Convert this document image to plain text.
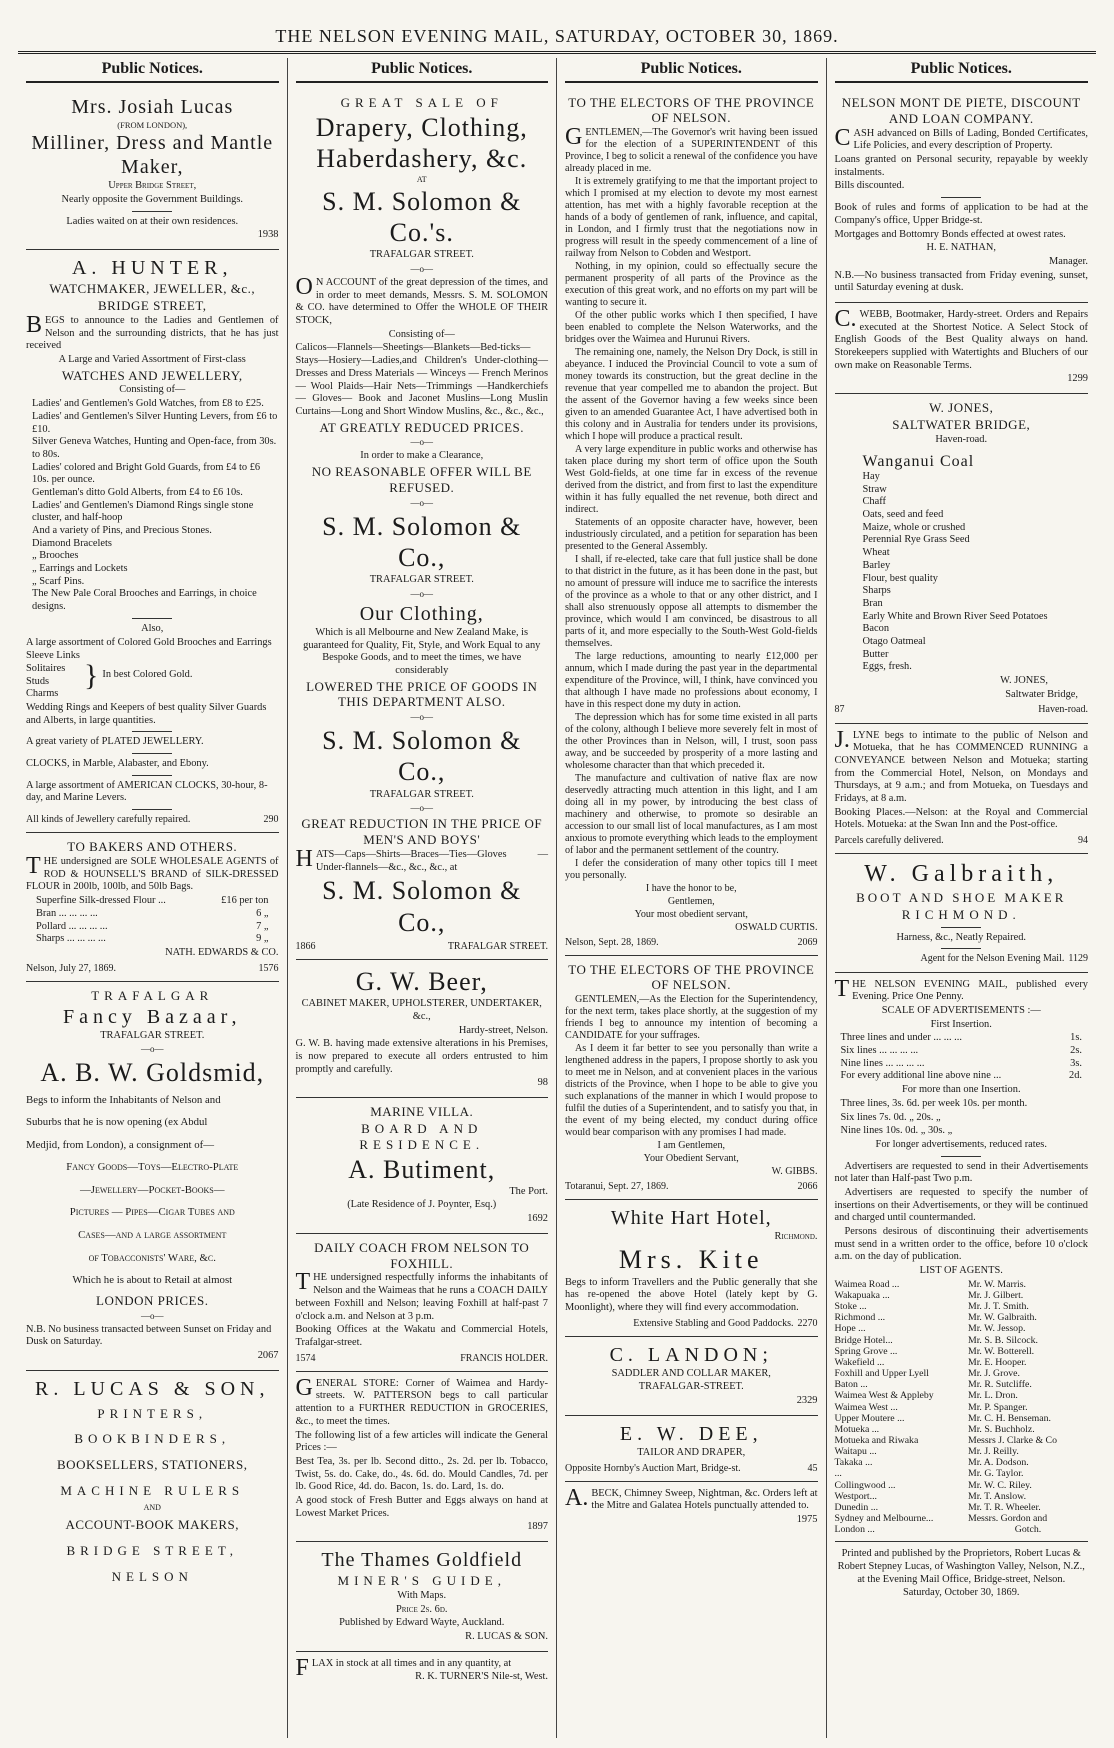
THE NELSON EVENING MAIL, SATURDAY, OCTOBER 30, 1869.
Public Notices.

Mrs. Josiah Lucas

(FROM LONDON),

Milliner, Dress and Mantle Maker,

Upper Bridge Street,

Nearly opposite the Government Buildings.

Ladies waited on at their own residences.

1938

A. HUNTER,

WATCHMAKER, JEWELLER, &c.,

BRIDGE STREET,

BEGS to announce to the Ladies and Gentlemen of Nelson and the surrounding districts, that he has just received

A Large and Varied Assortment of First-class

WATCHES AND JEWELLERY,

Consisting of—

Ladies' and Gentlemen's Gold Watches, from £8 to £25.
Ladies' and Gentlemen's Silver Hunting Levers, from £6 to £10.
Silver Geneva Watches, Hunting and Open-face, from 30s. to 80s.
Ladies' colored and Bright Gold Guards, from £4 to £6 10s. per ounce.
Gentleman's ditto Gold Alberts, from £4 to £6 10s.
Ladies' and Gentlemen's Diamond Rings single stone cluster, and half-hoop
And a variety of Pins, and Precious Stones.
Diamond Bracelets
„ Brooches
„ Earrings and Lockets
„ Scarf Pins.
The New Pale Coral Brooches and Earrings, in choice designs.

Also,

A large assortment of Colored Gold Brooches and Earrings

Sleeve Links
Solitaires
Studs
Charms
} In best Colored Gold.

Wedding Rings and Keepers of best quality Silver Guards and Alberts, in large quantities.

A great variety of PLATED JEWELLERY.

CLOCKS, in Marble, Alabaster, and Ebony.

A large assortment of AMERICAN CLOCKS, 30-hour, 8-day, and Marine Levers.

All kinds of Jewellery carefully repaired.	290

TO BAKERS AND OTHERS.

THE undersigned are SOLE WHOLESALE AGENTS of ROD & HOUNSELL'S BRAND of SILK-DRESSED FLOUR in 200lb, 100lb, and 50lb Bags.

Superfine Silk-dressed Flour ...	£16 per ton
Bran ... ... ... ...	6 „
Pollard ... ... ... ...	7 „
Sharps ... ... ... ...	9 „

NATH. EDWARDS & CO.

Nelson, July 27, 1869.	1576

TRAFALGAR

Fancy Bazaar,

TRAFALGAR STREET.

—o—

A. B. W. Goldsmid,

Begs to inform the Inhabitants of Nelson and

Suburbs that he is now opening (ex Abdul

Medjid, from London), a consignment of—

Fancy Goods—Toys—Electro-Plate

—Jewellery—Pocket-Books—

Pictures — Pipes—Cigar Tubes and

Cases—and a large assortment

of Tobacconists' Ware, &c.

Which he is about to Retail at almost

LONDON PRICES.

—o—

N.B. No business transacted between Sunset on Friday and Dusk on Saturday.

2067

R. LUCAS & SON,

PRINTERS,

BOOKBINDERS,

BOOKSELLERS, STATIONERS,

MACHINE RULERS

AND

ACCOUNT-BOOK MAKERS,

BRIDGE STREET,

NELSON

Public Notices.

GREAT SALE OF

Drapery, Clothing, Haberdashery, &c.

AT

S. M. Solomon & Co.'s.

TRAFALGAR STREET.

—o—

ON ACCOUNT of the great depression of the times, and in order to meet demands, Messrs. S. M. SOLOMON & CO. have determined to Offer the WHOLE OF THEIR STOCK,

Consisting of—

Calicos—Flannels—Sheetings—Blankets—Bed-ticks—Stays—Hosiery—Ladies,and Children's Under-clothing—Dresses and Dress Materials — Winceys — French Merinos — Wool Plaids—Hair Nets—Trimmings —Handkerchiefs — Gloves— Book and Jaconet Muslins—Long Muslin Curtains—Long and Short Window Muslins, &c., &c., &c.,

AT GREATLY REDUCED PRICES.

—o—

In order to make a Clearance,

NO REASONABLE OFFER WILL BE REFUSED.

—o—

S. M. Solomon & Co.,

TRAFALGAR STREET.

—o—

Our Clothing,

Which is all Melbourne and New Zealand Make, is guaranteed for Quality, Fit, Style, and Work Equal to any Bespoke Goods, and to meet the times, we have considerably

LOWERED THE PRICE OF GOODS IN THIS DEPARTMENT ALSO.

—o—

S. M. Solomon & Co.,

TRAFALGAR STREET.

—o—

GREAT REDUCTION IN THE PRICE OF MEN'S AND BOYS'

HATS—Caps—Shirts—Braces—Ties—Gloves —Under-flannels—&c., &c., &c., at

S. M. Solomon & Co.,

1866	TRAFALGAR STREET.

G. W. Beer,

CABINET MAKER, UPHOLSTERER, UNDERTAKER, &c.,

Hardy-street, Nelson.

G. W. B. having made extensive alterations in his Premises, is now prepared to execute all orders entrusted to him promptly and carefully.

98

MARINE VILLA.

BOARD AND RESIDENCE.

A. Butiment,

The Port.

(Late Residence of J. Poynter, Esq.)

1692

DAILY COACH FROM NELSON TO FOXHILL.

THE undersigned respectfully informs the inhabitants of Nelson and the Waimeas that he runs a COACH DAILY between Foxhill and Nelson; leaving Foxhill at half-past 7 o'clock a.m. and Nelson at 3 p.m.

Booking Offices at the Wakatu and Commercial Hotels, Trafalgar-street.

1574	FRANCIS HOLDER.

GENERAL STORE: Corner of Waimea and Hardy-streets. W. PATTERSON begs to call particular attention to a FURTHER REDUCTION in GROCERIES, &c., to meet the times.

The following list of a few articles will indicate the General Prices :—

Best Tea, 3s. per lb. Second ditto., 2s. 2d. per lb. Tobacco, Twist, 5s. do. Cake, do., 4s. 6d. do. Mould Candles, 7d. per lb. Good Rice, 4d. do. Bacon, 1s. do. Lard, 1s. do.

A good stock of Fresh Butter and Eggs always on hand at Lowest Market Prices.

1897

The Thames Goldfield

MINER'S GUIDE,

With Maps.

Price 2s. 6d.

Published by Edward Wayte, Auckland.

R. LUCAS & SON.

FLAX in stock at all times and in any quantity, at

R. K. TURNER'S Nile-st, West.

Public Notices.

TO THE ELECTORS OF THE PROVINCE OF NELSON.

GENTLEMEN,—The Governor's writ having been issued for the election of a SUPERINTENDENT of this Province, I beg to solicit a renewal of the confidence you have already placed in me.

It is extremely gratifying to me that the important project to which I promised at my election to devote my most earnest attention, has met with a highly favorable reception at the hands of a body of gentlemen of rank, influence, and capital, in London, and I firmly trust that the negotiations now in progress will result in the speedy commencement of a line of railway from Nelson to Cobden and Westport.

Nothing, in my opinion, could so effectually secure the permanent prosperity of all parts of the Province as the execution of this great work, and no efforts on my part will be wanting to secure it.

Of the other public works which I then specified, I have been enabled to complete the Nelson Waterworks, and the bridges over the Waimea and Hurunui Rivers.

The remaining one, namely, the Nelson Dry Dock, is still in abeyance. I induced the Provincial Council to vote a sum of money towards its construction, but the great decline in the revenue that year compelled me to abandon the project. But the assent of the Governor having a few weeks since been given to an amended Guarantee Act, I have advertised both in this colony and in Australia for tenders under its provisions, which I hope will produce a practical result.

A very large expenditure in public works and otherwise has taken place during my short term of office upon the South West Gold-fields, at one time far in excess of the revenue derived from the district, and from first to last the expenditure within it has fully equalled the net revenue, both direct and indirect.

Statements of an opposite character have, however, been industriously circulated, and a petition for separation has been presented to the General Assembly.

I shall, if re-elected, take care that full justice shall be done to that district in the future, as it has been done in the past, but no amount of pressure will induce me to sacrifice the interests of the province as a whole to that or any other district, and I shall also strenuously oppose all attempts to dismember the province, which would I am convinced, be disastrous to all parts of it, and more especially to the South-West Gold-fields themselves.

The large reductions, amounting to nearly £12,000 per annum, which I made during the past year in the departmental expenditure of the Province, will, I think, have convinced you that although I have made no professions about economy, I have in this respect done my duty in action.

The depression which has for some time existed in all parts of the colony, although I believe more severely felt in most of the other Provinces than in Nelson, will, I trust, soon pass away, and be succeeded by prosperity of a more lasting and wholesome character than that which preceded it.

The manufacture and cultivation of native flax are now deservedly attracting much attention in this light, and I am doing all in my power, by introducing the best class of machinery and otherwise, to promote so desirable an accession to our small list of local manufactures, as I am most anxious to promote everything which leads to the employment of labor and the permanent settlement of the country.

I defer the consideration of many other topics till I meet you personally.

I have the honor to be,

Gentlemen,

Your most obedient servant,

OSWALD CURTIS.

Nelson, Sept. 28, 1869.	2069

TO THE ELECTORS OF THE PROVINCE OF NELSON.

GENTLEMEN,—As the Election for the Superintendency, for the next term, takes place shortly, at the suggestion of my friends I beg to announce my intention of becoming a CANDIDATE for your suffrages.

As I deem it far better to see you personally than write a lengthened address in the papers, I propose shortly to ask you to meet me in Nelson, and at convenient places in the various districts of the Province, when I hope to be able to give you such explanations of the manner in which I would propose to fulfil the duties of a Superintendent, and to satisfy you that, in the event of my being elected, my conduct during office would bear comparison with any promises I had made.

I am Gentlemen,

Your Obedient Servant,

W. GIBBS.

Totaranui, Sept. 27, 1869.	2066

White Hart Hotel,

Richmond.

Mrs. Kite

Begs to inform Travellers and the Public generally that she has re-opened the above Hotel (lately kept by G. Moonlight), where they will find every accommodation.

Extensive Stabling and Good Paddocks. 2270

C. LANDON;

SADDLER AND COLLAR MAKER,

TRAFALGAR-STREET.

2329

E. W. DEE,

TAILOR AND DRAPER,

Opposite Hornby's Auction Mart, Bridge-st.	45

A.BECK, Chimney Sweep, Nightman, &c. Orders left at the Mitre and Galatea Hotels punctually attended to.

1975

Public Notices.

NELSON MONT DE PIETE, DISCOUNT AND LOAN COMPANY.

CASH advanced on Bills of Lading, Bonded Certificates, Life Policies, and every description of Property.

Loans granted on Personal security, repayable by weekly instalments.

Bills discounted.

Book of rules and forms of application to be had at the Company's office, Upper Bridge-st.

Mortgages and Bottomry Bonds effected at owest rates.

H. E. NATHAN,

Manager.

N.B.—No business transacted from Friday evening, sunset, until Saturday evening at dusk.

C.WEBB, Bootmaker, Hardy-street. Orders and Repairs executed at the Shortest Notice. A Select Stock of English Goods of the Best Quality always on hand. Storekeepers supplied with Watertights and Bluchers of our own make on Reasonable Terms.

1299

W. JONES,

SALTWATER BRIDGE,

Haven-road.

Wanganui Coal
Hay
Straw
Chaff
Oats, seed and feed
Maize, whole or crushed
Perennial Rye Grass Seed
Wheat
Barley
Flour, best quality
Sharps
Bran
Early White and Brown River Seed Potatoes
Bacon
Otago Oatmeal
Butter
Eggs, fresh.

W. JONES,

Saltwater Bridge,

87	Haven-road.

J.LYNE begs to intimate to the public of Nelson and Motueka, that he has COMMENCED RUNNING a CONVEYANCE between Nelson and Motueka; starting from the Commercial Hotel, Nelson, on Mondays and Thursdays, at 9 a.m.; and from Motueka, on Tuesdays and Fridays, at 8 a.m.

Booking Places.—Nelson: at the Royal and Commercial Hotels. Motueka: at the Swan Inn and the Post-office.

Parcels carefully delivered.	94

W. Galbraith,

BOOT AND SHOE MAKER

RICHMOND.

Harness, &c., Neatly Repaired.

Agent for the Nelson Evening Mail. 1129

THE NELSON EVENING MAIL, published every Evening. Price One Penny.

SCALE OF ADVERTISEMENTS :—

First Insertion.

Three lines and under ... ... ...	1s.
Six lines ... ... ... ...	2s.
Nine lines ... ... ... ...	3s.
For every additional line above nine ...	2d.

For more than one Insertion.

Three lines, 3s. 6d. per week 10s. per month.

Six lines 7s. 0d. „ 20s. „

Nine lines 10s. 0d. „ 30s. „

For longer advertisements, reduced rates.

Advertisers are requested to send in their Advertisements not later than Half-past Two p.m.

Advertisers are requested to specify the number of insertions on their Advertisements, or they will be continued and charged until countermanded.

Persons desirous of discontinuing their advertisements must send in a written order to the office, before 10 o'clock a.m. on the day of publication.

LIST OF AGENTS.

Waimea Road ...	Mr. W. Marris.
Wakapuaka ...	Mr. J. Gilbert.
Stoke ...	Mr. J. T. Smith.
Richmond ...	Mr. W. Galbraith.
Hope ...	Mr. W. Jessop.
Bridge Hotel...	Mr. S. B. Silcock.
Spring Grove ...	Mr. W. Botterell.
Wakefield ...	Mr. E. Hooper.
Foxhill and Upper Lyell	Mr. J. Grove.
Baton ...	Mr. R. Sutcliffe.
Waimea West & Appleby	Mr. L. Dron.
Waimea West ...	Mr. P. Spanger.
Upper Moutere ...	Mr. C. H. Benseman.
Motueka ...	Mr. S. Buchholz.
Motueka and Riwaka	Messrs J. Clarke & Co
Waitapu ...	Mr. J. Reilly.
Takaka ...	Mr. A. Dodson.
...	Mr. G. Taylor.
Collingwood ...	Mr. W. C. Riley.
Westport...	Mr. T. Anslow.
Dunedin ...	Mr. T. R. Wheeler.
Sydney and Melbourne...	Messrs. Gordon and
London ...	Gotch.

Printed and published by the Proprietors, Robert Lucas & Robert Stepney Lucas, of Washington Valley, Nelson, N.Z., at the Evening Mail Office, Bridge-street, Nelson.

Saturday, October 30, 1869.
